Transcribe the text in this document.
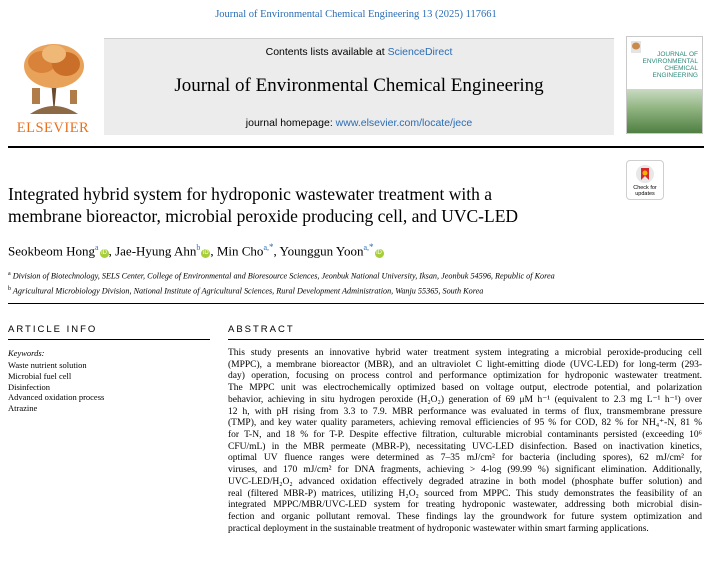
Journal of Environmental Chemical Engineering 13 (2025) 117661
ELSEVIER
Contents lists available at ScienceDirect
Journal of Environmental Chemical Engineering
journal homepage: www.elsevier.com/locate/jece
JOURNAL OF
ENVIRONMENTAL
CHEMICAL
ENGINEERING
Check for
updates
Integrated hybrid system for hydroponic wastewater treatment with a
membrane bioreactor, microbial peroxide producing cell, and UVC-LED
Seokbeom Hong$^a$iD , Jae-Hyung Ahn$^b$iD , Min Cho$^{a,*}$, Younggun Yoon$^{a,*}$iD
$^a$ Division of Biotechnology, SELS Center, College of Environmental and Bioresource Sciences, Jeonbuk National University, Iksan, Jeonbuk 54596, Republic of Korea
$^b$ Agricultural Microbiology Division, National Institute of Agricultural Sciences, Rural Development Administration, Wanju 55365, South Korea
ARTICLE INFO	ABSTRACT
Keywords:
Waste nutrient solution
Microbial fuel cell
Disinfection
Advanced oxidation process
Atrazine
This study presents an innovative hybrid water treatment system integrating a microbial peroxide-producing cell
(MPPC), a membrane bioreactor (MBR), and an ultraviolet C light-emitting diode (UVC-LED) for long-term (293-
day) operation, focusing on process control and performance optimization for hydroponic wastewater treatment.
The MPPC unit was electrochemically optimized based on voltage output, electrode potential, and polarization
behavior, achieving in situ hydrogen peroxide (H₂O₂) generation of 69 μM h⁻¹ (equivalent to 2.3 mg L⁻¹ h⁻¹) over
12 h, with pH rising from 3.3 to 7.9. MBR performance was evaluated in terms of flux, transmembrane pressure
(TMP), and key water quality parameters, achieving removal efficiencies of 95 % for COD, 82 % for NH₄⁺-N, 81 %
for T-N, and 18 % for T-P. Despite effective filtration, culturable microbial contaminants persisted (exceeding 10⁶
CFU/mL) in the MBR permeate (MBR-P), necessitating UVC-LED disinfection. Based on inactivation kinetics,
optimal UV fluence ranges were determined as 7–35 mJ/cm² for bacteria (including spores), 62 mJ/cm² for
viruses, and 170 mJ/cm² for DNA fragments, achieving > 4-log (99.99 %) significant elimination. Additionally,
UVC-LED/H₂O₂ advanced oxidation effectively degraded atrazine in both model (phosphate buffer solution) and
real (filtered MBR-P) matrices, utilizing H₂O₂ sourced from MPPC. This study demonstrates the feasibility of an
integrated MPPC/MBR/UVC-LED system for treating hydroponic wastewater, addressing both microbial disin-
fection and organic pollutant removal. These findings lay the groundwork for future system optimization and
practical deployment in the sustainable treatment of hydroponic wastewater within smart farming applications.
